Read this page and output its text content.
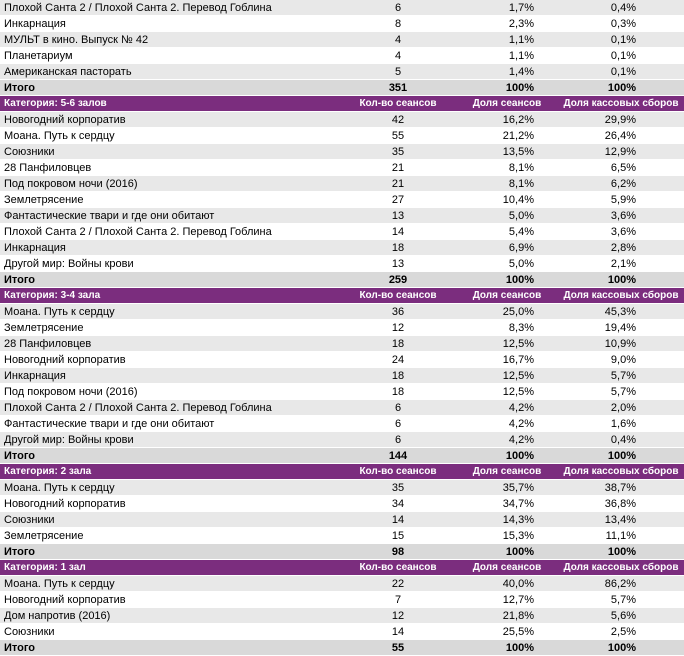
Плохой Санта 2 / Плохой Санта 2. Перевод Гоблина	6	1,7%	0,4%
Инкарнация	8	2,3%	0,3%
МУЛЬТ в кино. Выпуск № 42	4	1,1%	0,1%
Планетариум	4	1,1%	0,1%
Американская пасторать	5	1,4%	0,1%
Итого	351	100%	100%
Категория: 5-6 залов	Кол-во сеансов	Доля сеансов	Доля кассовых сборов
Новогодний корпоратив	42	16,2%	29,9%
Моана. Путь к сердцу	55	21,2%	26,4%
Союзники	35	13,5%	12,9%
28 Панфиловцев	21	8,1%	6,5%
Под покровом ночи (2016)	21	8,1%	6,2%
Землетрясение	27	10,4%	5,9%
Фантастические твари и где они обитают	13	5,0%	3,6%
Плохой Санта 2 / Плохой Санта 2. Перевод Гоблина	14	5,4%	3,6%
Инкарнация	18	6,9%	2,8%
Другой мир: Войны крови	13	5,0%	2,1%
Итого	259	100%	100%
Категория: 3-4 зала	Кол-во сеансов	Доля сеансов	Доля кассовых сборов
Моана. Путь к сердцу	36	25,0%	45,3%
Землетрясение	12	8,3%	19,4%
28 Панфиловцев	18	12,5%	10,9%
Новогодний корпоратив	24	16,7%	9,0%
Инкарнация	18	12,5%	5,7%
Под покровом ночи (2016)	18	12,5%	5,7%
Плохой Санта 2 / Плохой Санта 2. Перевод Гоблина	6	4,2%	2,0%
Фантастические твари и где они обитают	6	4,2%	1,6%
Другой мир: Войны крови	6	4,2%	0,4%
Итого	144	100%	100%
Категория: 2 зала	Кол-во сеансов	Доля сеансов	Доля кассовых сборов
Моана. Путь к сердцу	35	35,7%	38,7%
Новогодний корпоратив	34	34,7%	36,8%
Союзники	14	14,3%	13,4%
Землетрясение	15	15,3%	11,1%
Итого	98	100%	100%
Категория: 1 зал	Кол-во сеансов	Доля сеансов	Доля кассовых сборов
Моана. Путь к сердцу	22	40,0%	86,2%
Новогодний корпоратив	7	12,7%	5,7%
Дом напротив (2016)	12	21,8%	5,6%
Союзники	14	25,5%	2,5%
Итого	55	100%	100%
